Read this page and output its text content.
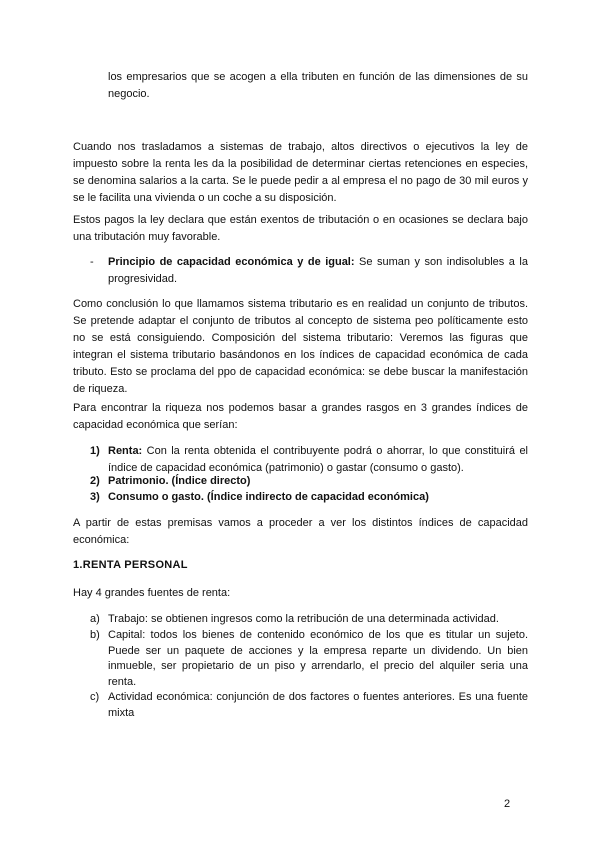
los empresarios que se acogen a ella tributen en función de las dimensiones de su negocio.

Cuando nos trasladamos a sistemas de trabajo, altos directivos o ejecutivos la ley de impuesto sobre la renta les da la posibilidad de determinar ciertas retenciones en especies, se denomina salarios a la carta. Se le puede pedir a al empresa el no pago de 30 mil euros y se le facilita una vivienda o un coche a su disposición.

Estos pagos la ley declara que están exentos de tributación o en ocasiones se declara bajo una tributación muy favorable.

- Principio de capacidad económica y de igual: Se suman y son indisolubles a la progresividad.

Como conclusión lo que llamamos sistema tributario es en realidad un conjunto de tributos. Se pretende adaptar el conjunto de tributos al concepto de sistema peo políticamente esto no se está consiguiendo. Composición del sistema tributario: Veremos las figuras que integran el sistema tributario basándonos en los índices de capacidad económica de cada tributo. Esto se proclama del ppo de capacidad económica: se debe buscar la manifestación de riqueza.

Para encontrar la riqueza nos podemos basar a grandes rasgos en 3 grandes índices de capacidad económica que serían:

1) Renta: Con la renta obtenida el contribuyente podrá o ahorrar, lo que constituirá el índice de capacidad económica (patrimonio) o gastar (consumo o gasto).
2) Patrimonio. (Índice directo)
3) Consumo o gasto. (Índice indirecto de capacidad económica)

A partir de estas premisas vamos a proceder a ver los distintos índices de capacidad económica:

1.RENTA PERSONAL

Hay 4 grandes fuentes de renta:

a) Trabajo: se obtienen ingresos como la retribución de una determinada actividad.
b) Capital: todos los bienes de contenido económico de los que es titular un sujeto. Puede ser un paquete de acciones y la empresa reparte un dividendo. Un bien inmueble, ser propietario de un piso y arrendarlo, el precio del alquiler seria una renta.
c) Actividad económica: conjunción de dos factores o fuentes anteriores. Es una fuente mixta
2
